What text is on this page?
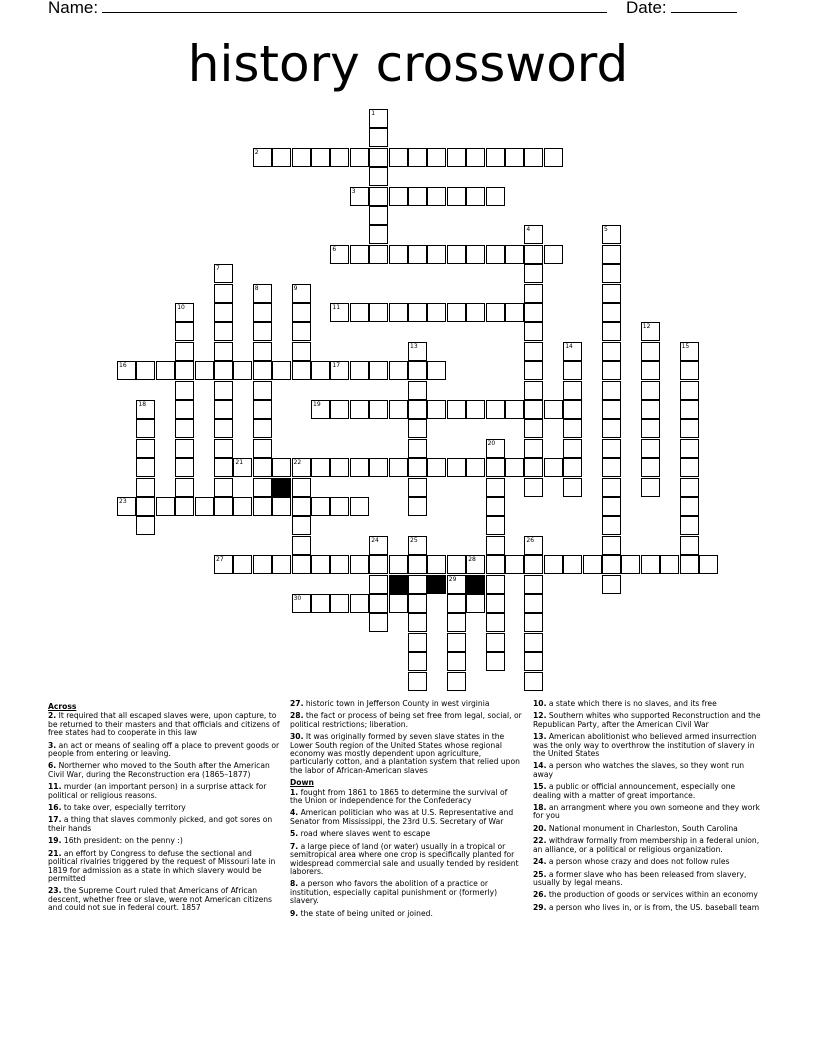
Name:	Date:
history crossword
2
3
6
11
16	17
19
21	22
23
27	28
30
1
4	5
7
8	9
10
12
13	14	15
18
20
24	25	26
29
Across
2. It required that all escaped slaves were, upon capture, to be returned to their masters and that officials and citizens of free states had to cooperate in this law
3. an act or means of sealing off a place to prevent goods or people from entering or leaving.
6. Northerner who moved to the South after the American Civil War, during the Reconstruction era (1865–1877)
11. murder (an important person) in a surprise attack for political or religious reasons.
16. to take over, especially territory
17. a thing that slaves commonly picked, and got sores on their hands
19. 16th president: on the penny :)
21. an effort by Congress to defuse the sectional and political rivalries triggered by the request of Missouri late in 1819 for admission as a state in which slavery would be permitted
23. the Supreme Court ruled that Americans of African descent, whether free or slave, were not American citizens and could not sue in federal court. 1857
27. historic town in Jefferson County in west virginia
28. the fact or process of being set free from legal, social, or political restrictions; liberation.
30. It was originally formed by seven slave states in the Lower South region of the United States whose regional economy was mostly dependent upon agriculture, particularly cotton, and a plantation system that relied upon the labor of African-American slaves
Down
1. fought from 1861 to 1865 to determine the survival of the Union or independence for the Confederacy
4. American politician who was at U.S. Representative and Senator from Mississippi, the 23rd U.S. Secretary of War
5. road where slaves went to escape
7. a large piece of land (or water) usually in a tropical or semitropical area where one crop is specifically planted for widespread commercial sale and usually tended by resident laborers.
8. a person who favors the abolition of a practice or institution, especially capital punishment or (formerly) slavery.
9. the state of being united or joined.
10. a state which there is no slaves, and its free
12. Southern whites who supported Reconstruction and the Republican Party, after the American Civil War
13. American abolitionist who believed armed insurrection was the only way to overthrow the institution of slavery in the United States
14. a person who watches the slaves, so they wont run away
15. a public or official announcement, especially one dealing with a matter of great importance.
18. an arrangment where you own someone and they work for you
20. National monument in Charleston, South Carolina
22. withdraw formally from membership in a federal union, an alliance, or a political or religious organization.
24. a person whose crazy and does not follow rules
25. a former slave who has been released from slavery, usually by legal means.
26. the production of goods or services within an economy
29. a person who lives in, or is from, the US. baseball team
